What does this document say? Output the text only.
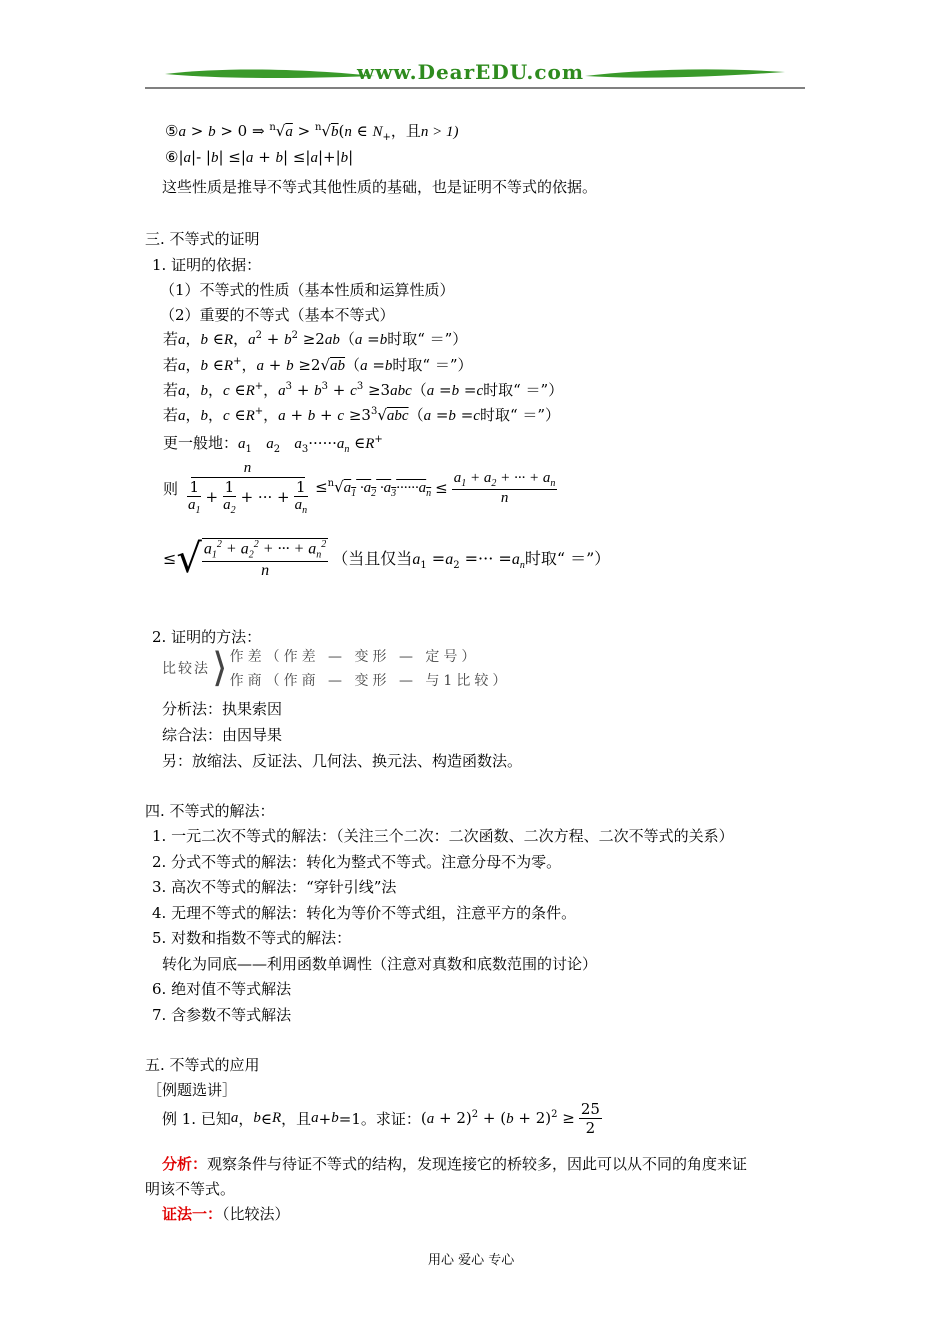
www.DearEDU.com
⑤a > b > 0 ⇒ $^n$√a > $^n$√b(n ∈ $N_+$，且n > 1)
⑥|a|- |b| ≤|a + b| ≤|a|+|b|
这些性质是推导不等式其他性质的基础，也是证明不等式的依据。
三. 不等式的证明
1. 证明的依据：
（1）不等式的性质（基本性质和运算性质）
（2）重要的不等式（基本不等式）
若a，b ∈R，$a^2 + b^2 \ge 2ab(a =b$时取“ ＝”）
若a，b ∈R+，a + b ≥2√ab（a =b时取“ ＝”）
若a，b，c ∈R+，$a^3 + b^3 + c^3 \ge 3abc(a =b =c$时取“ ＝”）
若a，b，c ∈R+，$a + b + c \ge 3^3√abc(a =b =c$时取“ ＝”）
更一般地：$a_1$ $a_2$ $a_3\cdot\cdot\cdot\cdot\cdot\cdot a_n$ ∈R+
则 $\frac{n}{\frac{1}{a_1} + \frac{1}{a_2} + \cdot\cdot\cdot + \frac{1}{a_n}} \le^n√a_1 \cdot a_2 \cdot a_3\cdot\cdot\cdot\cdot\cdot\cdot a_n \le \frac{a_1 + a_2 + \cdot\cdot\cdot + a_n}{n}$
≤ √ $\frac{a_1^2 + a_2^2 + \cdot\cdot\cdot + a_n^2}{n}$ （当且仅当$a_1 =a_2$ =··· $=a_n$时取“ ＝”）
2. 证明的方法：
比较法 ⟩ 作差（作差 — 变形 — 定号）
作商（作商 — 变形 — 与1比较）
分析法：执果索因
综合法：由因导果
另：放缩法、反证法、几何法、换元法、构造函数法。
四. 不等式的解法：
1. 一元二次不等式的解法：（关注三个二次：二次函数、二次方程、二次不等式的关系）
2. 分式不等式的解法：转化为整式不等式。注意分母不为零。
3. 高次不等式的解法：“穿针引线”法
4. 无理不等式的解法：转化为等价不等式组，注意平方的条件。
5. 对数和指数不等式的解法：
转化为同底——利用函数单调性（注意对真数和底数范围的讨论）
6. 绝对值不等式解法
7. 含参数不等式解法
五. 不等式的应用
［例题选讲］
例 1. 已知 a ， b ∈ R ，且 a + b =1 。求证： $(a + 2)^2 + (b + 2)^2 \ge \frac{25}{2}$
分析：观察条件与待证不等式的结构，发现连接它的桥较多，因此可以从不同的角度来证
明该不等式。
证法一：（比较法）
用心 爱心 专心
